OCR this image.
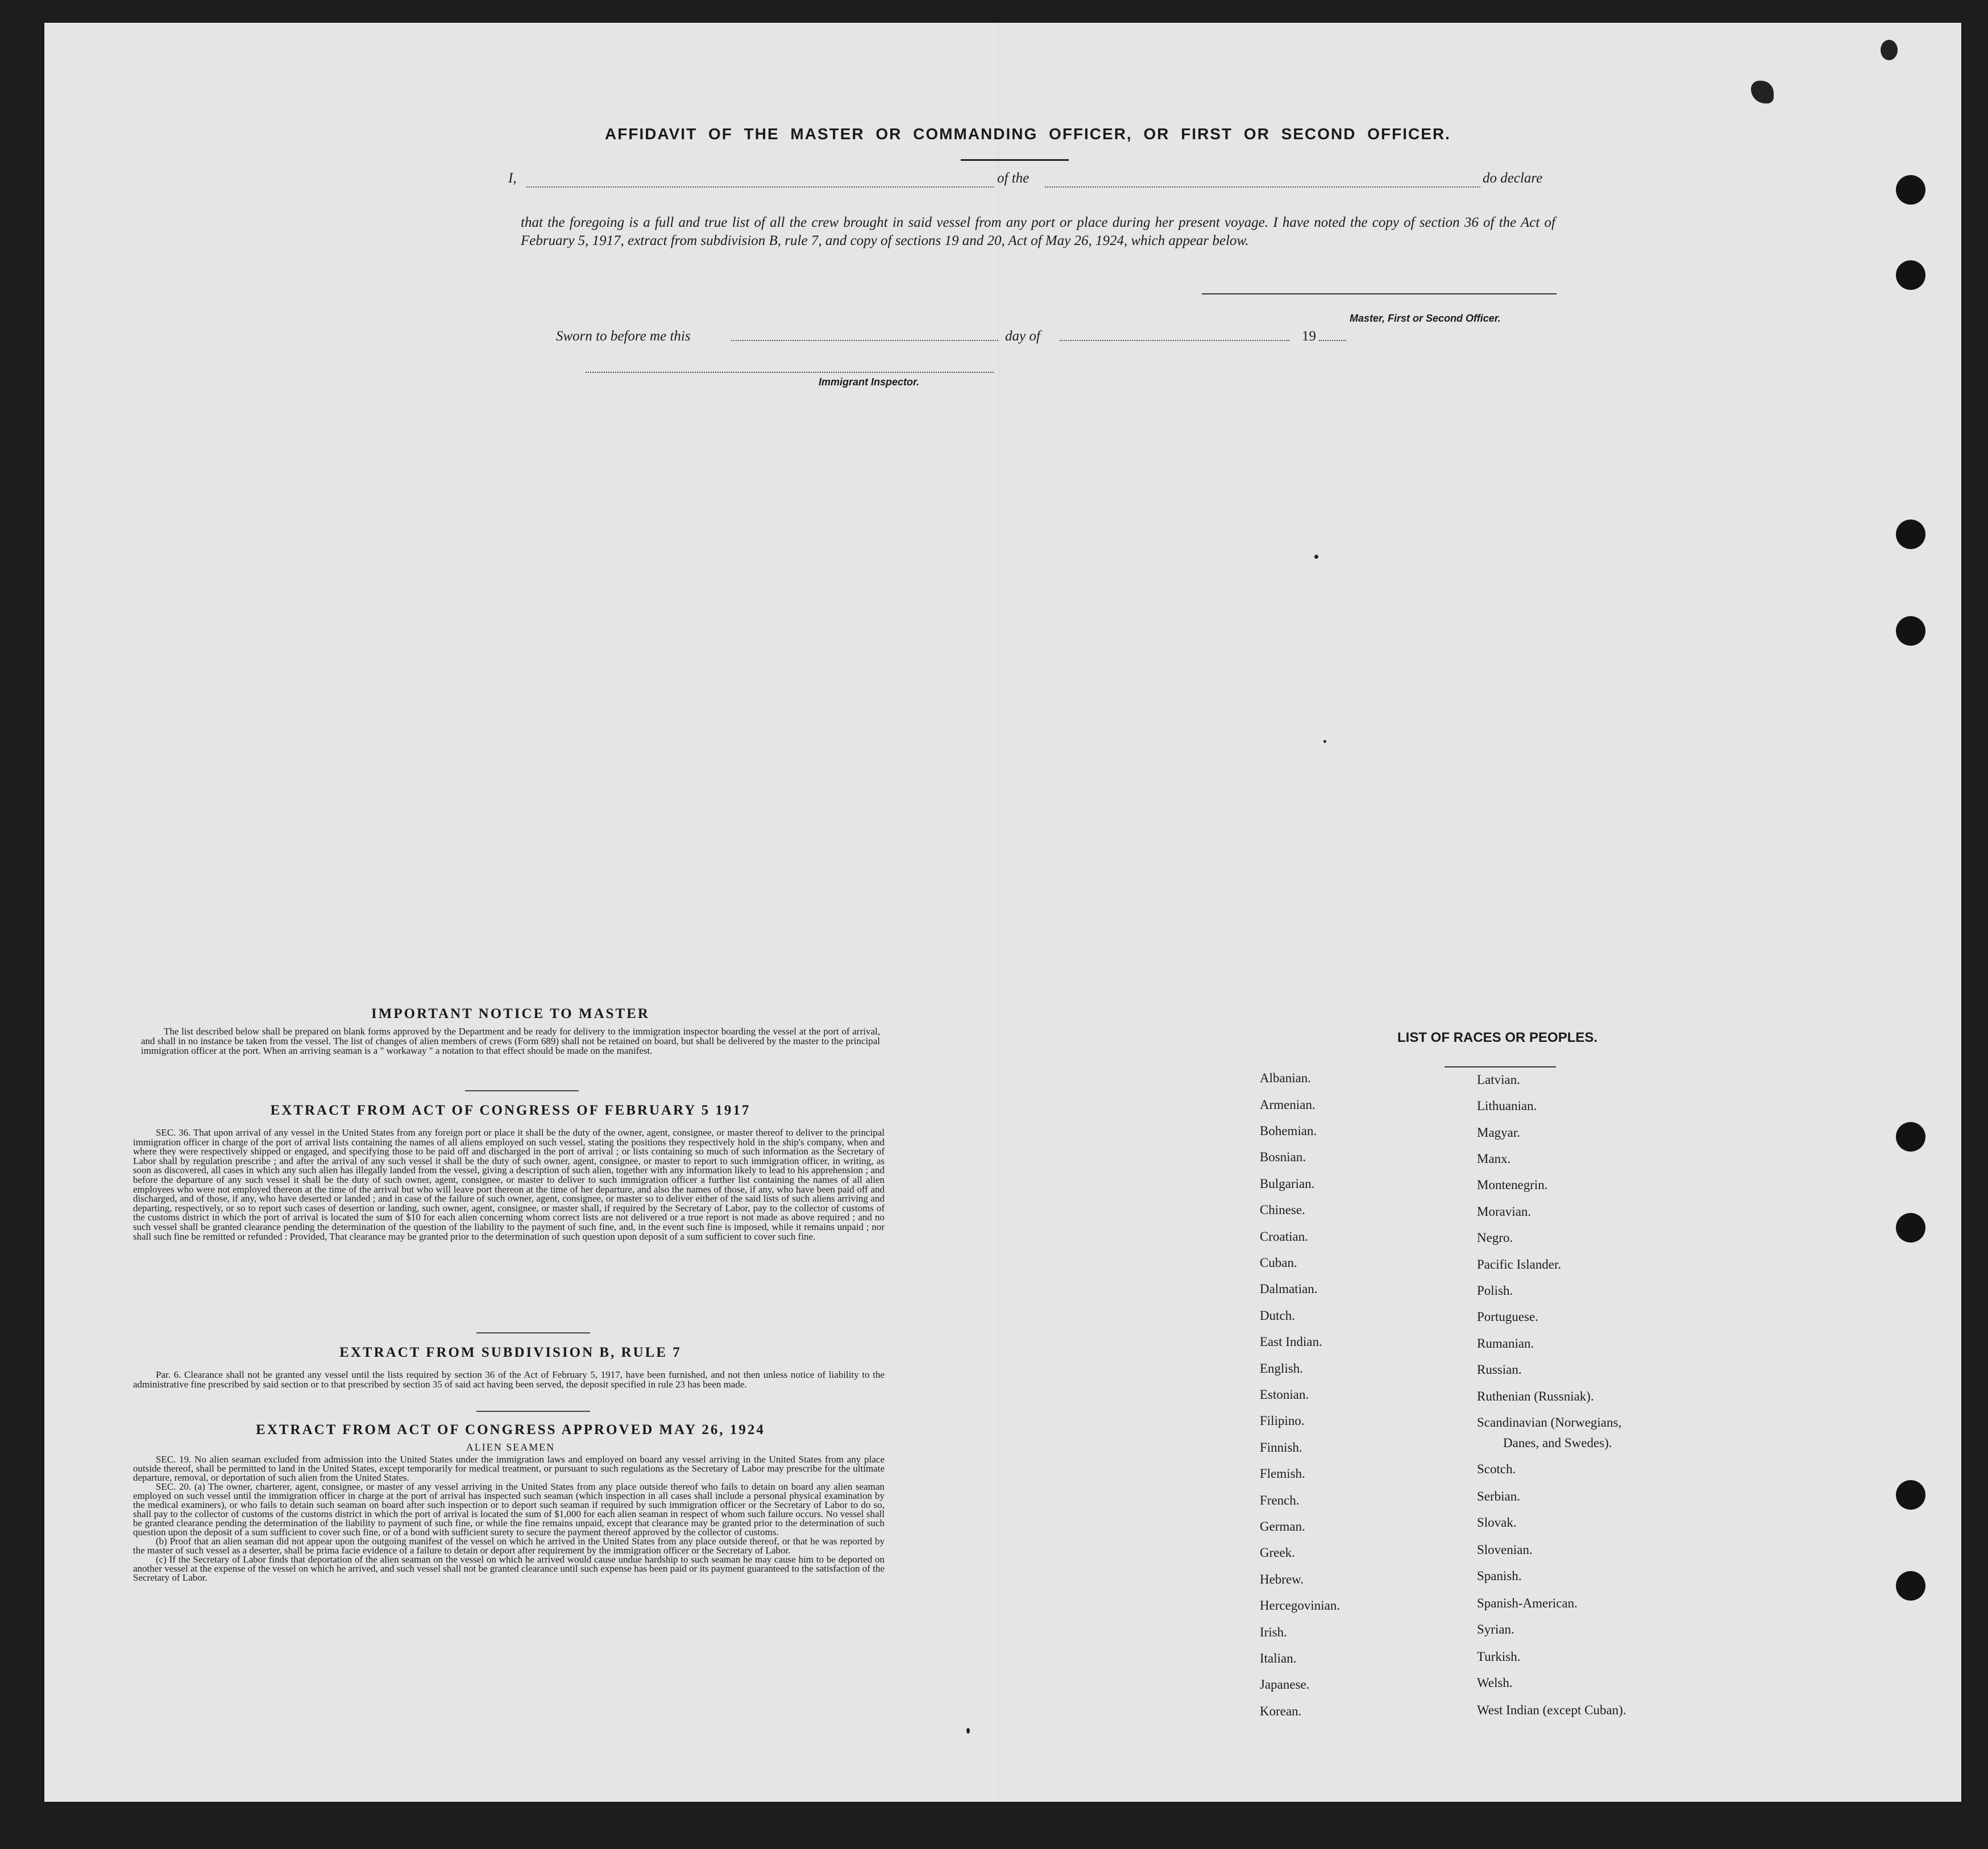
AFFIDAVIT OF THE MASTER OR COMMANDING OFFICER, OR FIRST OR SECOND OFFICER.
I,	of the	do declare
that the foregoing is a full and true list of all the crew brought in said vessel from any port or place during her present voyage. I have noted the copy of section 36 of the Act of February 5, 1917, extract from subdivision B, rule 7, and copy of sections 19 and 20, Act of May 26, 1924, which appear below.
Master, First or Second Officer.
Sworn to before me this	day of	19
Immigrant Inspector.
IMPORTANT NOTICE TO MASTER
The list described below shall be prepared on blank forms approved by the Department and be ready for delivery to the immigration inspector boarding the vessel at the port of arrival, and shall in no instance be taken from the vessel. The list of changes of alien members of crews (Form 689) shall not be retained on board, but shall be delivered by the master to the principal immigration officer at the port. When an arriving seaman is a " workaway " a notation to that effect should be made on the manifest.
EXTRACT FROM ACT OF CONGRESS OF FEBRUARY 5 1917
SEC. 36. That upon arrival of any vessel in the United States from any foreign port or place it shall be the duty of the owner, agent, consignee, or master thereof to deliver to the principal immigration officer in charge of the port of arrival lists containing the names of all aliens employed on such vessel, stating the positions they respectively hold in the ship's company, when and where they were respectively shipped or engaged, and specifying those to be paid off and discharged in the port of arrival ; or lists containing so much of such information as the Secretary of Labor shall by regulation prescribe ; and after the arrival of any such vessel it shall be the duty of such owner, agent, consignee, or master to report to such immigration officer, in writing, as soon as discovered, all cases in which any such alien has illegally landed from the vessel, giving a description of such alien, together with any information likely to lead to his apprehension ; and before the departure of any such vessel it shall be the duty of such owner, agent, consignee, or master to deliver to such immigration officer a further list containing the names of all alien employees who were not employed thereon at the time of the arrival but who will leave port thereon at the time of her departure, and also the names of those, if any, who have been paid off and discharged, and of those, if any, who have deserted or landed ; and in case of the failure of such owner, agent, consignee, or master so to deliver either of the said lists of such aliens arriving and departing, respectively, or so to report such cases of desertion or landing, such owner, agent, consignee, or master shall, if required by the Secretary of Labor, pay to the collector of customs of the customs district in which the port of arrival is located the sum of $10 for each alien concerning whom correct lists are not delivered or a true report is not made as above required ; and no such vessel shall be granted clearance pending the determination of the question of the liability to the payment of such fine, and, in the event such fine is imposed, while it remains unpaid ; nor shall such fine be remitted or refunded : Provided, That clearance may be granted prior to the determination of such question upon deposit of a sum sufficient to cover such fine.
EXTRACT FROM SUBDIVISION B, RULE 7
Par. 6. Clearance shall not be granted any vessel until the lists required by section 36 of the Act of February 5, 1917, have been furnished, and not then unless notice of liability to the administrative fine prescribed by said section or to that prescribed by section 35 of said act having been served, the deposit specified in rule 23 has been made.
EXTRACT FROM ACT OF CONGRESS APPROVED MAY 26, 1924
ALIEN SEAMEN
SEC. 19. No alien seaman excluded from admission into the United States under the immigration laws and employed on board any vessel arriving in the United States from any place outside thereof, shall be permitted to land in the United States, except temporarily for medical treatment, or pursuant to such regulations as the Secretary of Labor may prescribe for the ultimate departure, removal, or deportation of such alien from the United States.
SEC. 20. (a) The owner, charterer, agent, consignee, or master of any vessel arriving in the United States from any place outside thereof who fails to detain on board any alien seaman employed on such vessel until the immigration officer in charge at the port of arrival has inspected such seaman (which inspection in all cases shall include a personal physical examination by the medical examiners), or who fails to detain such seaman on board after such inspection or to deport such seaman if required by such immigration officer or the Secretary of Labor to do so, shall pay to the collector of customs of the customs district in which the port of arrival is located the sum of $1,000 for each alien seaman in respect of whom such failure occurs. No vessel shall be granted clearance pending the determination of the liability to payment of such fine, or while the fine remains unpaid, except that clearance may be granted prior to the determination of such question upon the deposit of a sum sufficient to cover such fine, or of a bond with sufficient surety to secure the payment thereof approved by the collector of customs.
(b) Proof that an alien seaman did not appear upon the outgoing manifest of the vessel on which he arrived in the United States from any place outside thereof, or that he was reported by the master of such vessel as a deserter, shall be prima facie evidence of a failure to detain or deport after requirement by the immigration officer or the Secretary of Labor.
(c) If the Secretary of Labor finds that deportation of the alien seaman on the vessel on which he arrived would cause undue hardship to such seaman he may cause him to be deported on another vessel at the expense of the vessel on which he arrived, and such vessel shall not be granted clearance until such expense has been paid or its payment guaranteed to the satisfaction of the Secretary of Labor.
LIST OF RACES OR PEOPLES.
Albanian.
Armenian.
Bohemian.
Bosnian.
Bulgarian.
Chinese.
Croatian.
Cuban.
Dalmatian.
Dutch.
East Indian.
English.
Estonian.
Filipino.
Finnish.
Flemish.
French.
German.
Greek.
Hebrew.
Hercegovinian.
Irish.
Italian.
Japanese.
Korean.
Latvian.
Lithuanian.
Magyar.
Manx.
Montenegrin.
Moravian.
Negro.
Pacific Islander.
Polish.
Portuguese.
Rumanian.
Russian.
Ruthenian (Russniak).
Scandinavian (Norwegians,
Danes, and Swedes).
Scotch.
Serbian.
Slovak.
Slovenian.
Spanish.
Spanish-American.
Syrian.
Turkish.
Welsh.
West Indian (except Cuban).
